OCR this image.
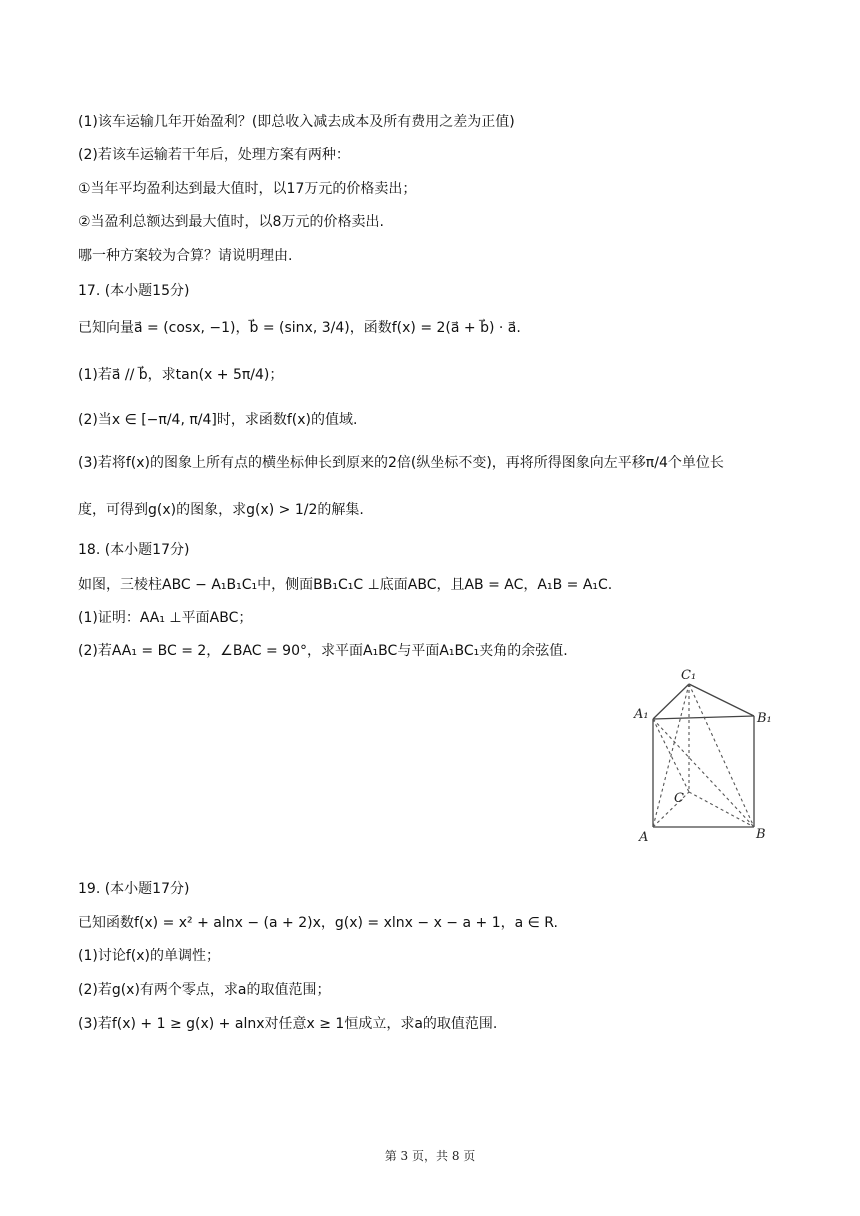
(1)该车运输几年开始盈利？(即总收入减去成本及所有费用之差为正值)
(2)若该车运输若干年后，处理方案有两种：
①当年平均盈利达到最大值时，以17万元的价格卖出；
②当盈利总额达到最大值时，以8万元的价格卖出.
哪一种方案较为合算？请说明理由.
17. (本小题15分)
已知向量a⃗ = (cosx, −1)，b⃗ = (sinx, 3/4)，函数f(x) = 2(a⃗ + b⃗) · a⃗.
(1)若a⃗ // b⃗，求tan(x + 5π/4)；
(2)当x ∈ [−π/4, π/4]时，求函数f(x)的值域.
(3)若将f(x)的图象上所有点的横坐标伸长到原来的2倍(纵坐标不变)，再将所得图象向左平移π/4个单位长
度，可得到g(x)的图象，求g(x) > 1/2的解集.
18. (本小题17分)
如图，三棱柱ABC − A₁B₁C₁中，侧面BB₁C₁C ⊥底面ABC，且AB = AC，A₁B = A₁C.
(1)证明：AA₁ ⊥平面ABC；
(2)若AA₁ = BC = 2，∠BAC = 90°，求平面A₁BC与平面A₁BC₁夹角的余弦值.
C₁
A₁	B₁
C
A	B
19. (本小题17分)
已知函数f(x) = x² + alnx − (a + 2)x，g(x) = xlnx − x − a + 1，a ∈ R.
(1)讨论f(x)的单调性；
(2)若g(x)有两个零点，求a的取值范围；
(3)若f(x) + 1 ≥ g(x) + alnx对任意x ≥ 1恒成立，求a的取值范围.
第 3 页，共 8 页
